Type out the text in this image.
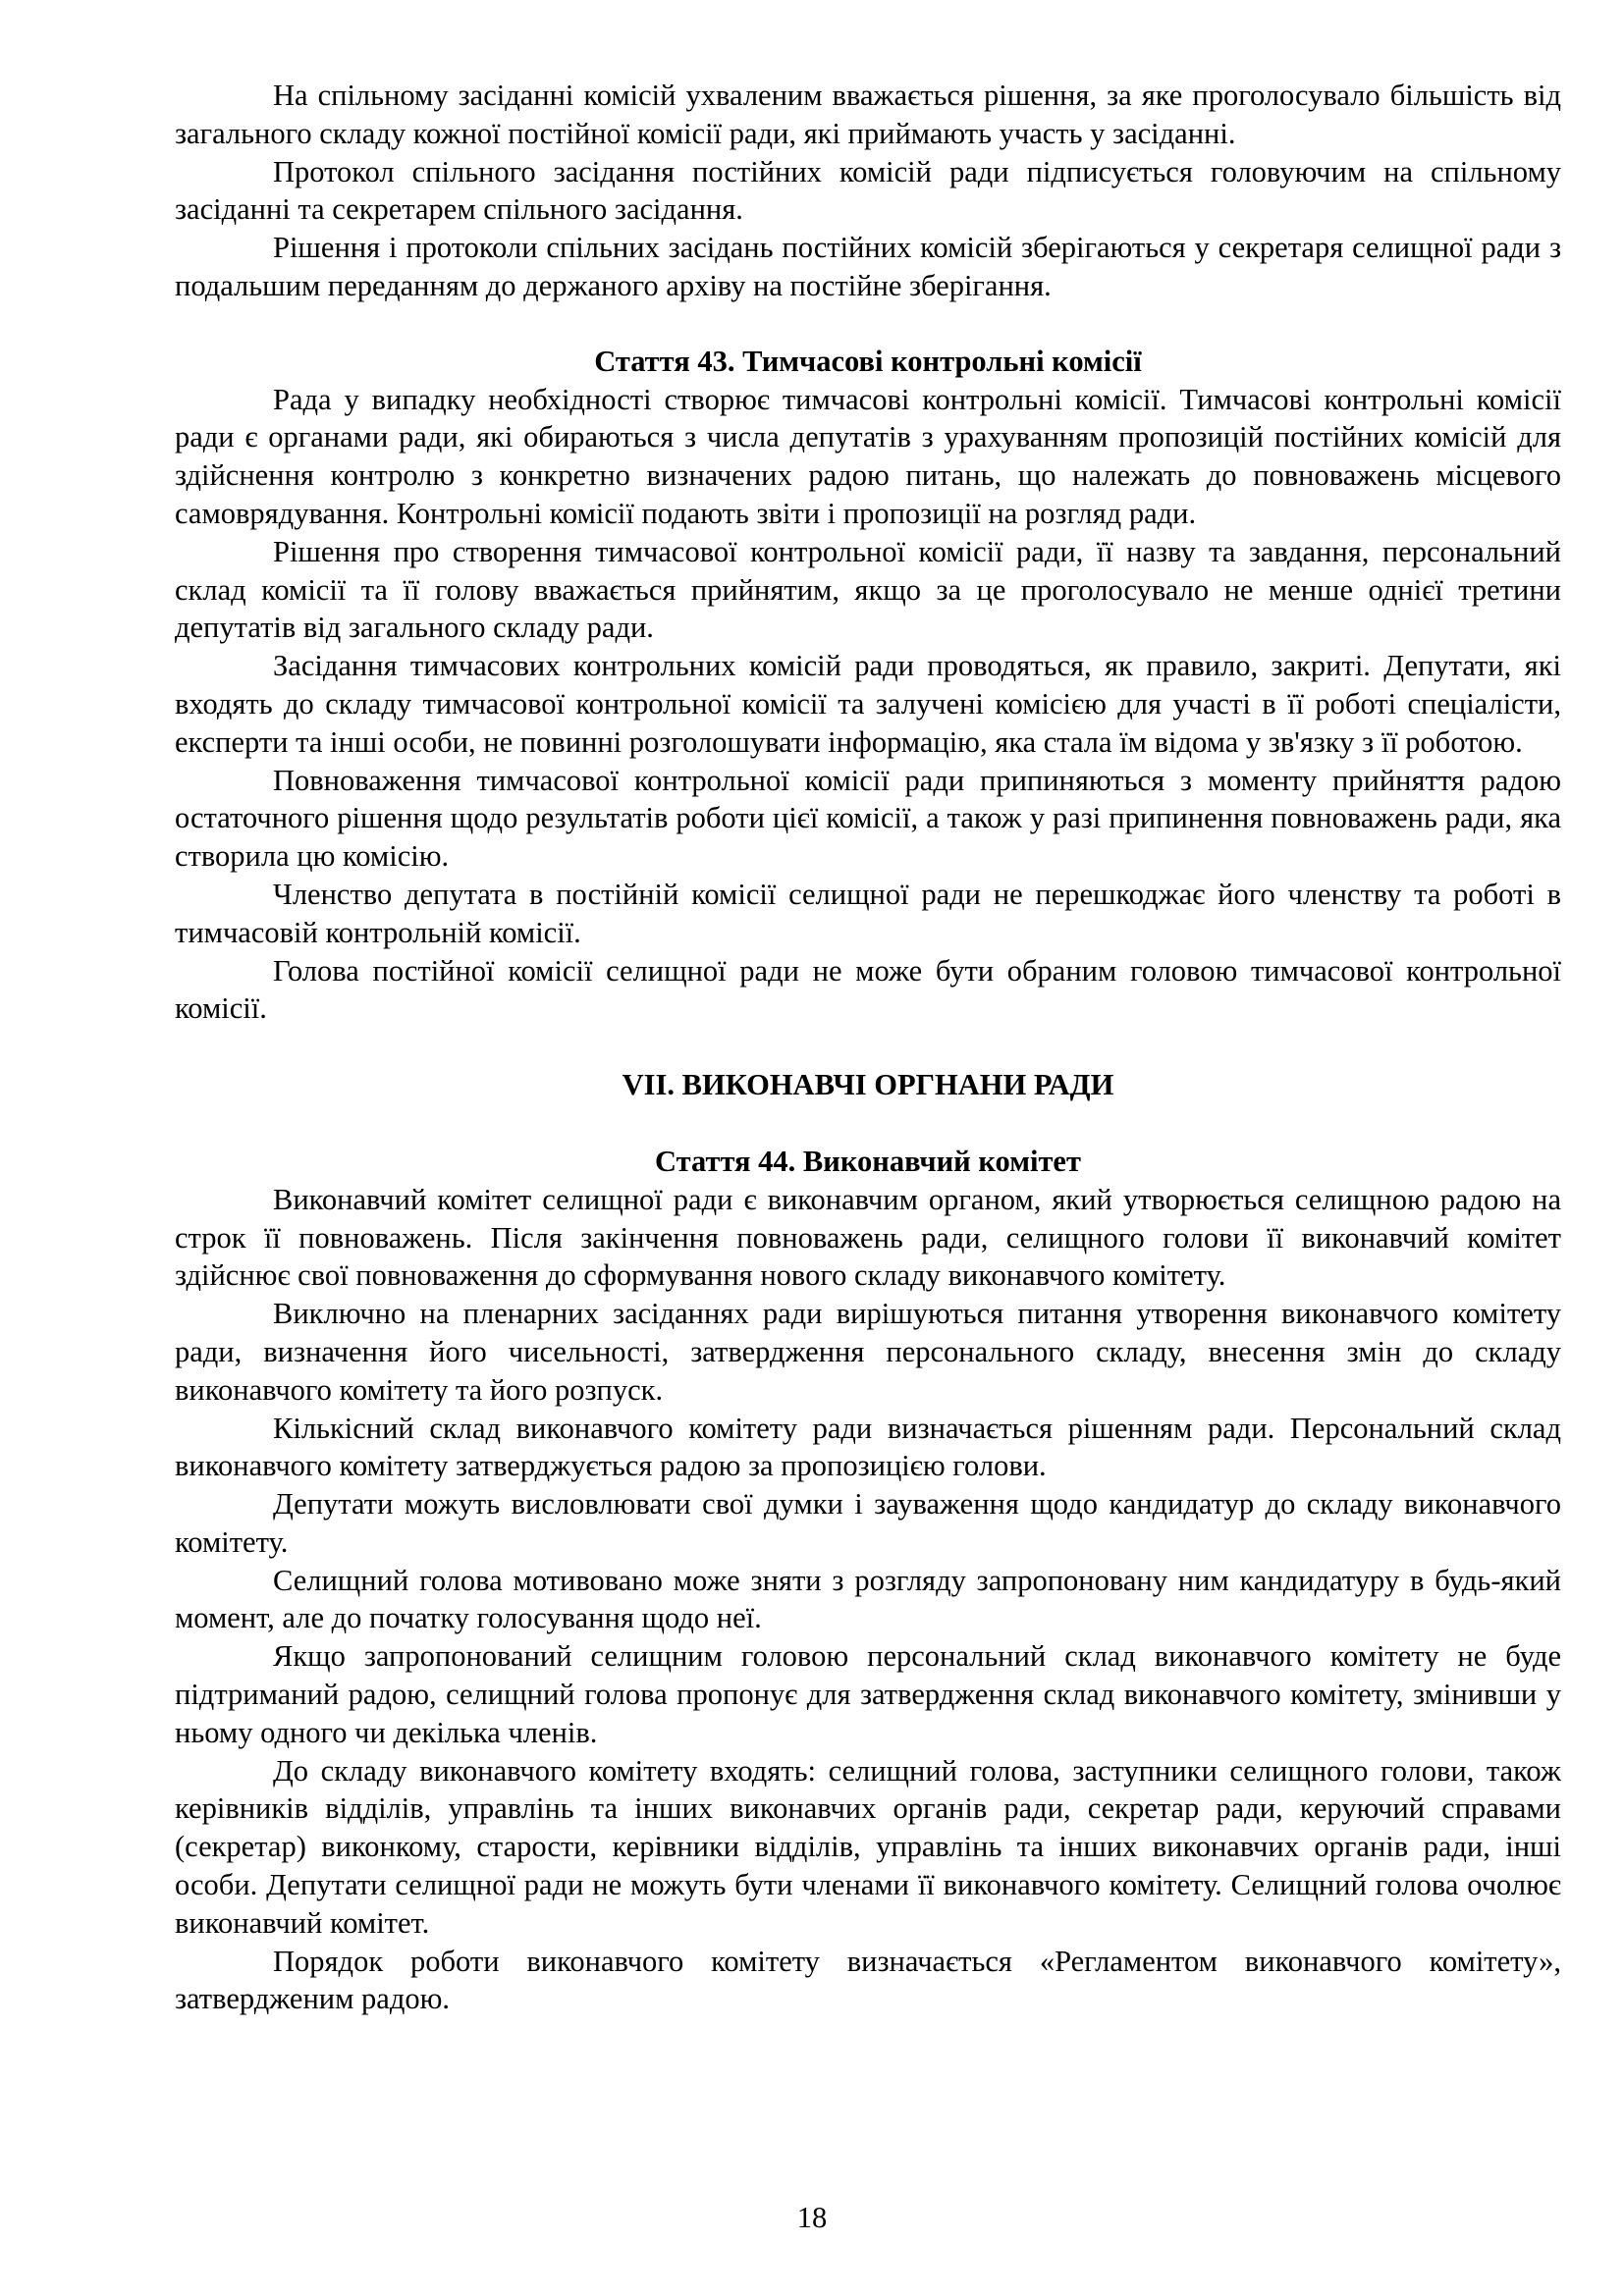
На спільному засіданні комісій ухваленим вважається рішення, за яке проголосувало більшість від загального складу кожної постійної комісії ради, які приймають участь у засіданні.

Протокол спільного засідання постійних комісій ради підписується головуючим на спільному засіданні та секретарем спільного засідання.

Рішення і протоколи спільних засідань постійних комісій зберігаються у секретаря селищної ради з подальшим переданням до держаного архіву на постійне зберігання.

Стаття 43. Тимчасові контрольні комісії

Рада у випадку необхідності створює тимчасові контрольні комісії. Тимчасові контрольні комісії ради є органами ради, які обираються з числа депутатів з урахуванням пропозицій постійних комісій для здійснення контролю з конкретно визначених радою питань, що належать до повноважень місцевого самоврядування. Контрольні комісії подають звіти і пропозиції на розгляд ради.

Рішення про створення тимчасової контрольної комісії ради, її назву та завдання, персональний склад комісії та її голову вважається прийнятим, якщо за це проголосувало не менше однієї третини депутатів від загального складу ради.

Засідання тимчасових контрольних комісій ради проводяться, як правило, закриті. Депутати, які входять до складу тимчасової контрольної комісії та залучені комісією для участі в її роботі спеціалісти, експерти та інші особи, не повинні розголошувати інформацію, яка стала їм відома у зв'язку з її роботою.

Повноваження тимчасової контрольної комісії ради припиняються з моменту прийняття радою остаточного рішення щодо результатів роботи цієї комісії, а також у разі припинення повноважень ради, яка створила цю комісію.

Членство депутата в постійній комісії селищної ради не перешкоджає його членству та роботі в тимчасовій контрольній комісії.

Голова постійної комісії селищної ради не може бути обраним головою тимчасової контрольної комісії.

VII. ВИКОНАВЧІ ОРГНАНИ РАДИ
Стаття 44. Виконавчий комітет

Виконавчий комітет селищної ради є виконавчим органом, який утворюється селищною радою на строк її повноважень. Після закінчення повноважень ради, селищного голови її виконавчий комітет здійснює свої повноваження до сформування нового складу виконавчого комітету.

Виключно на пленарних засіданнях ради вирішуються питання утворення виконавчого комітету ради, визначення його чисельності, затвердження персонального складу, внесення змін до складу виконавчого комітету та його розпуск.

Кількісний склад виконавчого комітету ради визначається рішенням ради. Персональний склад виконавчого комітету затверджується радою за пропозицією голови.

Депутати можуть висловлювати свої думки і зауваження щодо кандидатур до складу виконавчого комітету.

Селищний голова мотивовано може зняти з розгляду запропоновану ним кандидатуру в будь-який момент, але до початку голосування щодо неї.

Якщо запропонований селищним головою персональний склад виконавчого комітету не буде підтриманий радою, селищний голова пропонує для затвердження склад виконавчого комітету, змінивши у ньому одного чи декілька членів.

До складу виконавчого комітету входять: селищний голова, заступники селищного голови, також керівників відділів, управлінь та інших виконавчих органів ради, секретар ради, керуючий справами (секретар) виконкому, старости, керівники відділів, управлінь та інших виконавчих органів ради, інші особи. Депутати селищної ради не можуть бути членами її виконавчого комітету. Селищний голова очолює виконавчий комітет.

Порядок роботи виконавчого комітету визначається «Регламентом виконавчого комітету», затвердженим радою.

18
